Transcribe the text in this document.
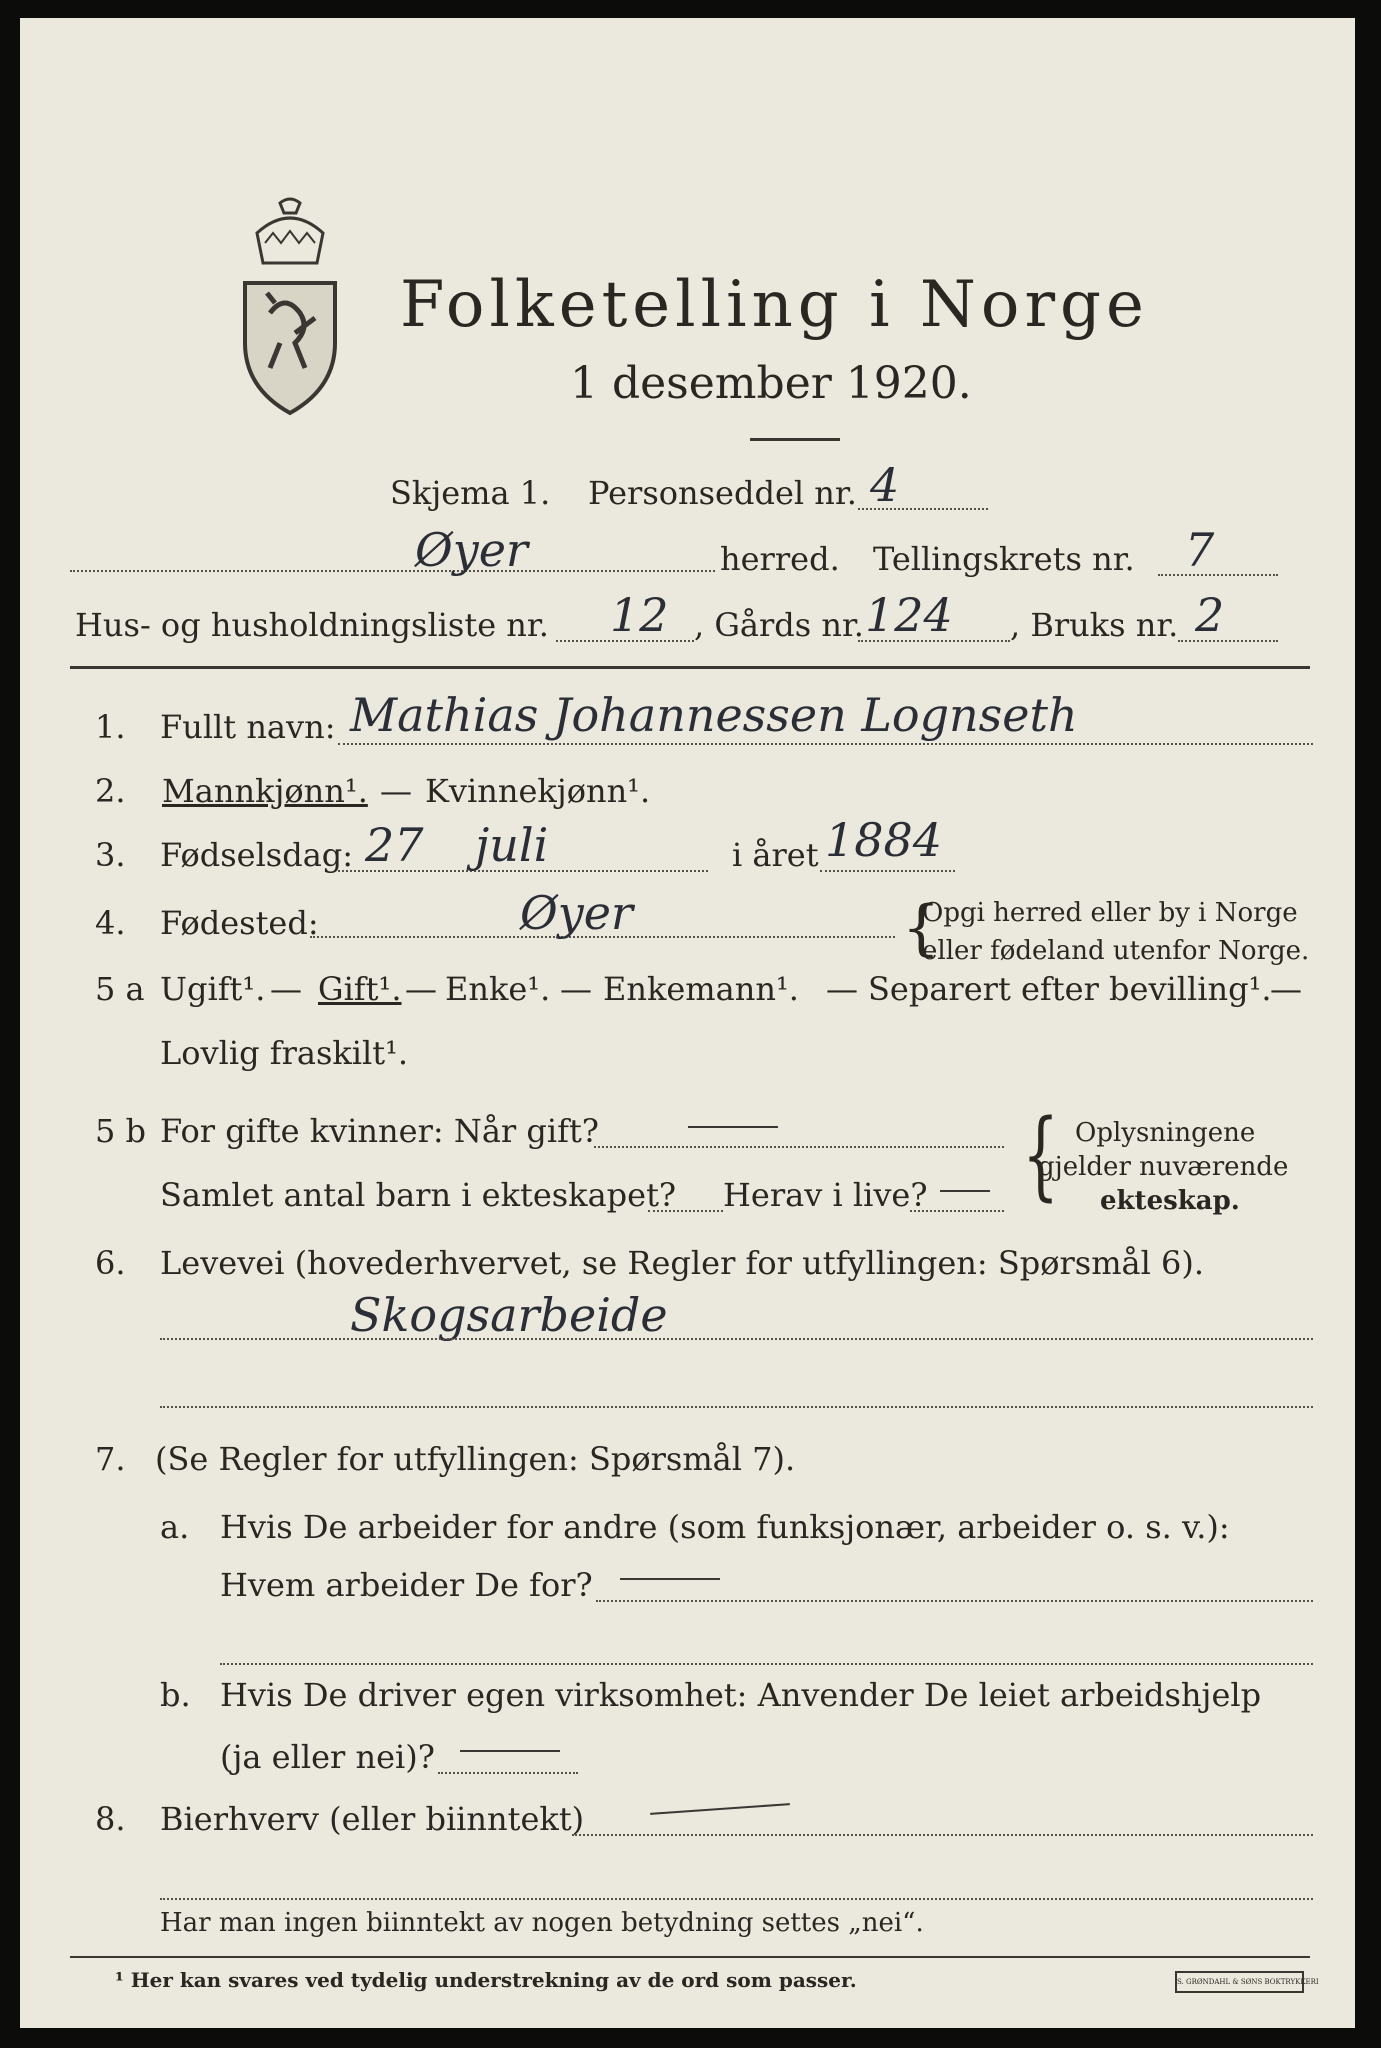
Folketelling i Norge
1 desember 1920.
Skjema 1. Personseddel nr. 4
Øyer	herred. Tellingskrets nr. 7
Hus- og husholdningsliste nr. 12 , Gårds nr. 124 , Bruks nr. 2
1. Fullt navn: Mathias Johannessen Lognseth
2. Mannkjønn¹. — Kvinnekjønn¹.
3. Fødselsdag: 27 juli	i året 1884
4. Fødested:	Øyer	{
Opgi herred eller by i Norge
eller fødeland utenfor Norge.
5 a Ugift¹. — Gift¹. — Enke¹. — Enkemann¹. — Separert efter bevilling¹.
—
Lovlig fraskilt¹.
5 b For gifte kvinner: Når gift?
Samlet antal barn i ekteskapet? Herav i live? { Oplysningene
gjelder nuværende
ekteskap.
6. Levevei (hovederhvervet, se Regler for utfyllingen: Spørsmål 6).
Skogsarbeide
7. (Se Regler for utfyllingen: Spørsmål 7).
a. Hvis De arbeider for andre (som funksjonær, arbeider o. s. v.):
Hvem arbeider De for?
b. Hvis De driver egen virksomhet: Anvender De leiet arbeidshjelp
(ja eller nei)?
8. Bierhverv (eller biinntekt)
Har man ingen biinntekt av nogen betydning settes „nei“.
¹ Her kan svares ved tydelig understrekning av de ord som passer.	S. GRØNDAHL & SØNS BOKTRYKKERI
